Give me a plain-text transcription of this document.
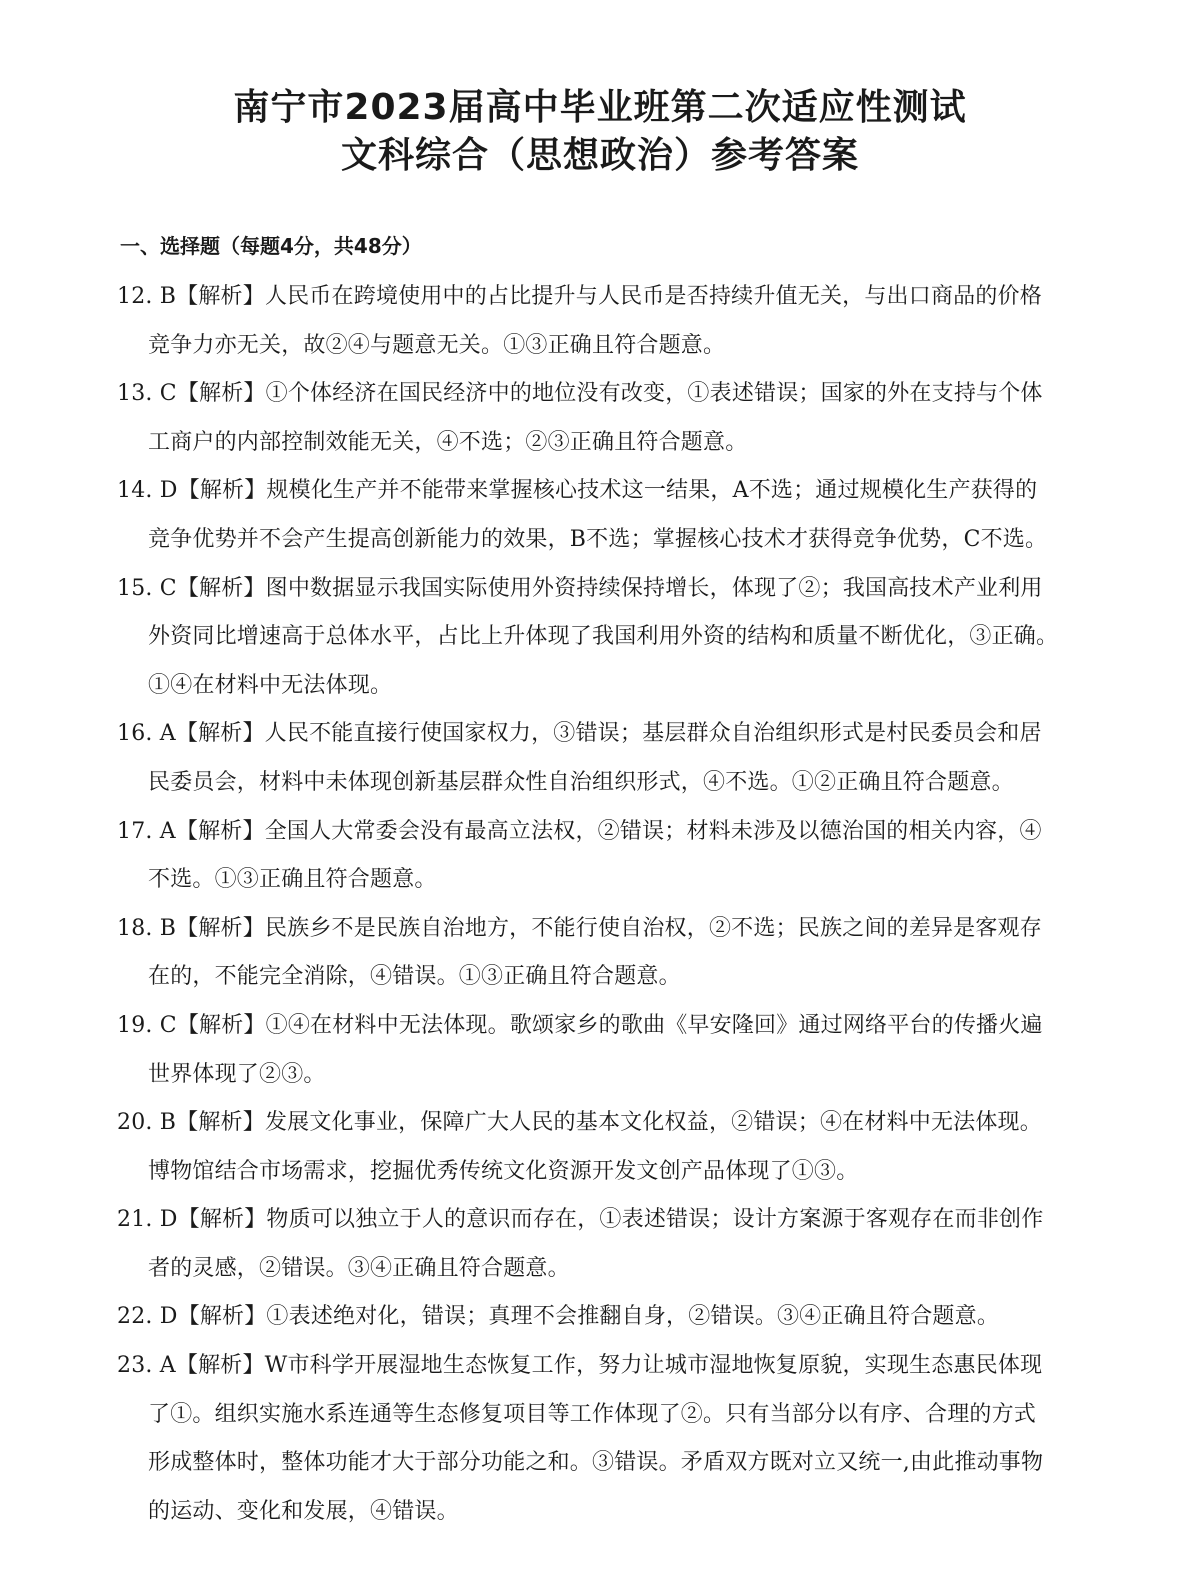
南宁市2023届高中毕业班第二次适应性测试
文科综合（思想政治）参考答案
一、选择题（每题4分，共48分）
12. B【解析】人民币在跨境使用中的占比提升与人民币是否持续升值无关，与出口商品的价格
竞争力亦无关，故②④与题意无关。①③正确且符合题意。
13. C【解析】①个体经济在国民经济中的地位没有改变，①表述错误；国家的外在支持与个体
工商户的内部控制效能无关，④不选；②③正确且符合题意。
14. D【解析】规模化生产并不能带来掌握核心技术这一结果，A不选；通过规模化生产获得的
竞争优势并不会产生提高创新能力的效果，B不选；掌握核心技术才获得竞争优势，C不选。
15. C【解析】图中数据显示我国实际使用外资持续保持增长，体现了②；我国高技术产业利用
外资同比增速高于总体水平，占比上升体现了我国利用外资的结构和质量不断优化，③正确。
①④在材料中无法体现。
16. A【解析】人民不能直接行使国家权力，③错误；基层群众自治组织形式是村民委员会和居
民委员会，材料中未体现创新基层群众性自治组织形式，④不选。①②正确且符合题意。
17. A【解析】全国人大常委会没有最高立法权，②错误；材料未涉及以德治国的相关内容，④
不选。①③正确且符合题意。
18. B【解析】民族乡不是民族自治地方，不能行使自治权，②不选；民族之间的差异是客观存
在的，不能完全消除，④错误。①③正确且符合题意。
19. C【解析】①④在材料中无法体现。歌颂家乡的歌曲《早安隆回》通过网络平台的传播火遍
世界体现了②③。
20. B【解析】发展文化事业，保障广大人民的基本文化权益，②错误；④在材料中无法体现。
博物馆结合市场需求，挖掘优秀传统文化资源开发文创产品体现了①③。
21. D【解析】物质可以独立于人的意识而存在，①表述错误；设计方案源于客观存在而非创作
者的灵感，②错误。③④正确且符合题意。
22. D【解析】①表述绝对化，错误；真理不会推翻自身，②错误。③④正确且符合题意。
23. A【解析】W市科学开展湿地生态恢复工作，努力让城市湿地恢复原貌，实现生态惠民体现
了①。组织实施水系连通等生态修复项目等工作体现了②。只有当部分以有序、合理的方式
形成整体时，整体功能才大于部分功能之和。③错误。矛盾双方既对立又统一,由此推动事物
的运动、变化和发展，④错误。
